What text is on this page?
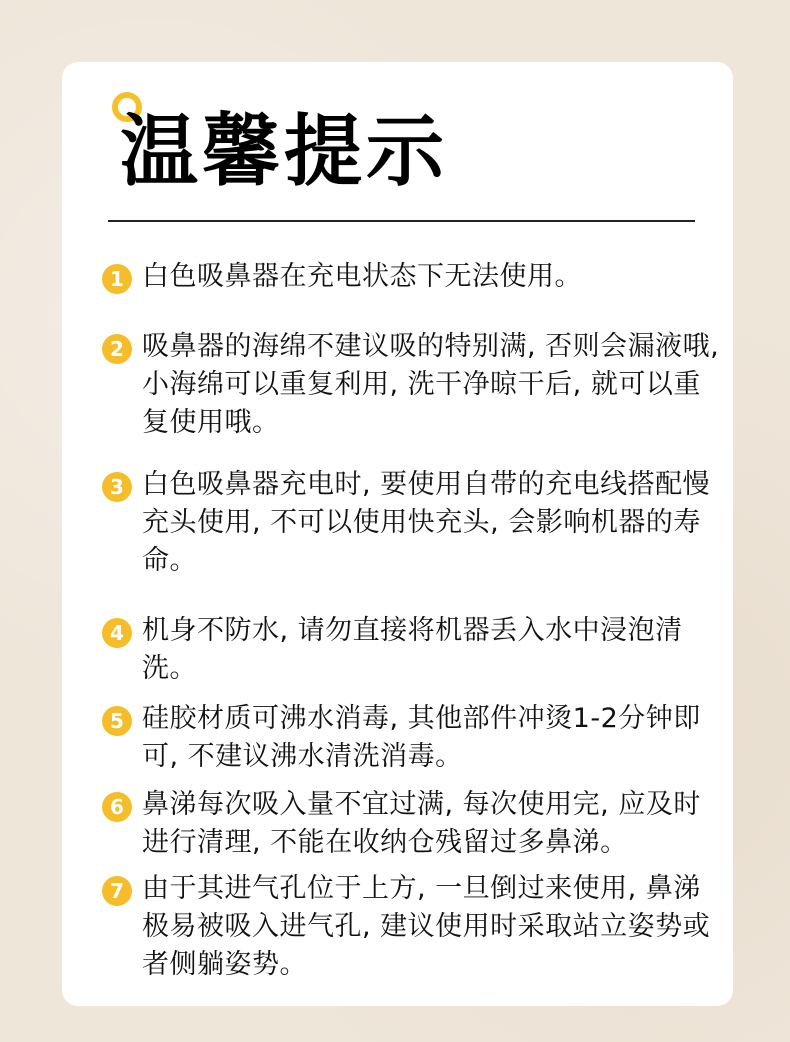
温馨提示
1 白色吸鼻器在充电状态下无法使用。
2 吸鼻器的海绵不建议吸的特别满, 否则会漏液哦, 小海绵可以重复利用, 洗干净晾干后, 就可以重复使用哦。
3 白色吸鼻器充电时, 要使用自带的充电线搭配慢充头使用, 不可以使用快充头, 会影响机器的寿命。
4 机身不防水, 请勿直接将机器丢入水中浸泡清洗。
5 硅胶材质可沸水消毒, 其他部件冲烫1-2分钟即可, 不建议沸水清洗消毒。
6 鼻涕每次吸入量不宜过满, 每次使用完, 应及时进行清理, 不能在收纳仓残留过多鼻涕。
7 由于其进气孔位于上方, 一旦倒过来使用, 鼻涕极易被吸入进气孔, 建议使用时采取站立姿势或者侧躺姿势。
